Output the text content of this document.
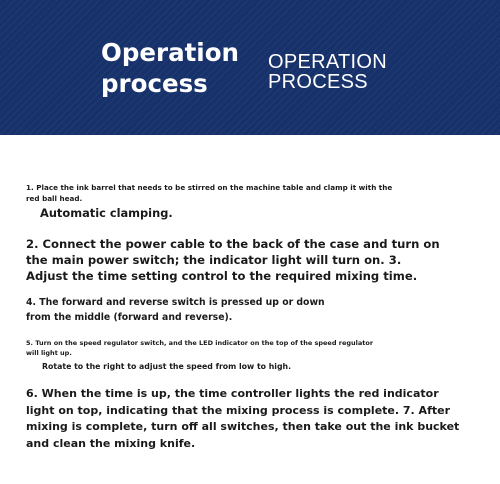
Operation
process
OPERATION
PROCESS
1. Place the ink barrel that needs to be stirred on the machine table and clamp it with the
red ball head.
Automatic clamping.
2. Connect the power cable to the back of the case and turn on
the main power switch; the indicator light will turn on. 3.
Adjust the time setting control to the required mixing time.
4. The forward and reverse switch is pressed up or down
from the middle (forward and reverse).
5. Turn on the speed regulator switch, and the LED indicator on the top of the speed regulator
will light up.
Rotate to the right to adjust the speed from low to high.
6. When the time is up, the time controller lights the red indicator
light on top, indicating that the mixing process is complete. 7. After
mixing is complete, turn off all switches, then take out the ink bucket
and clean the mixing knife.
